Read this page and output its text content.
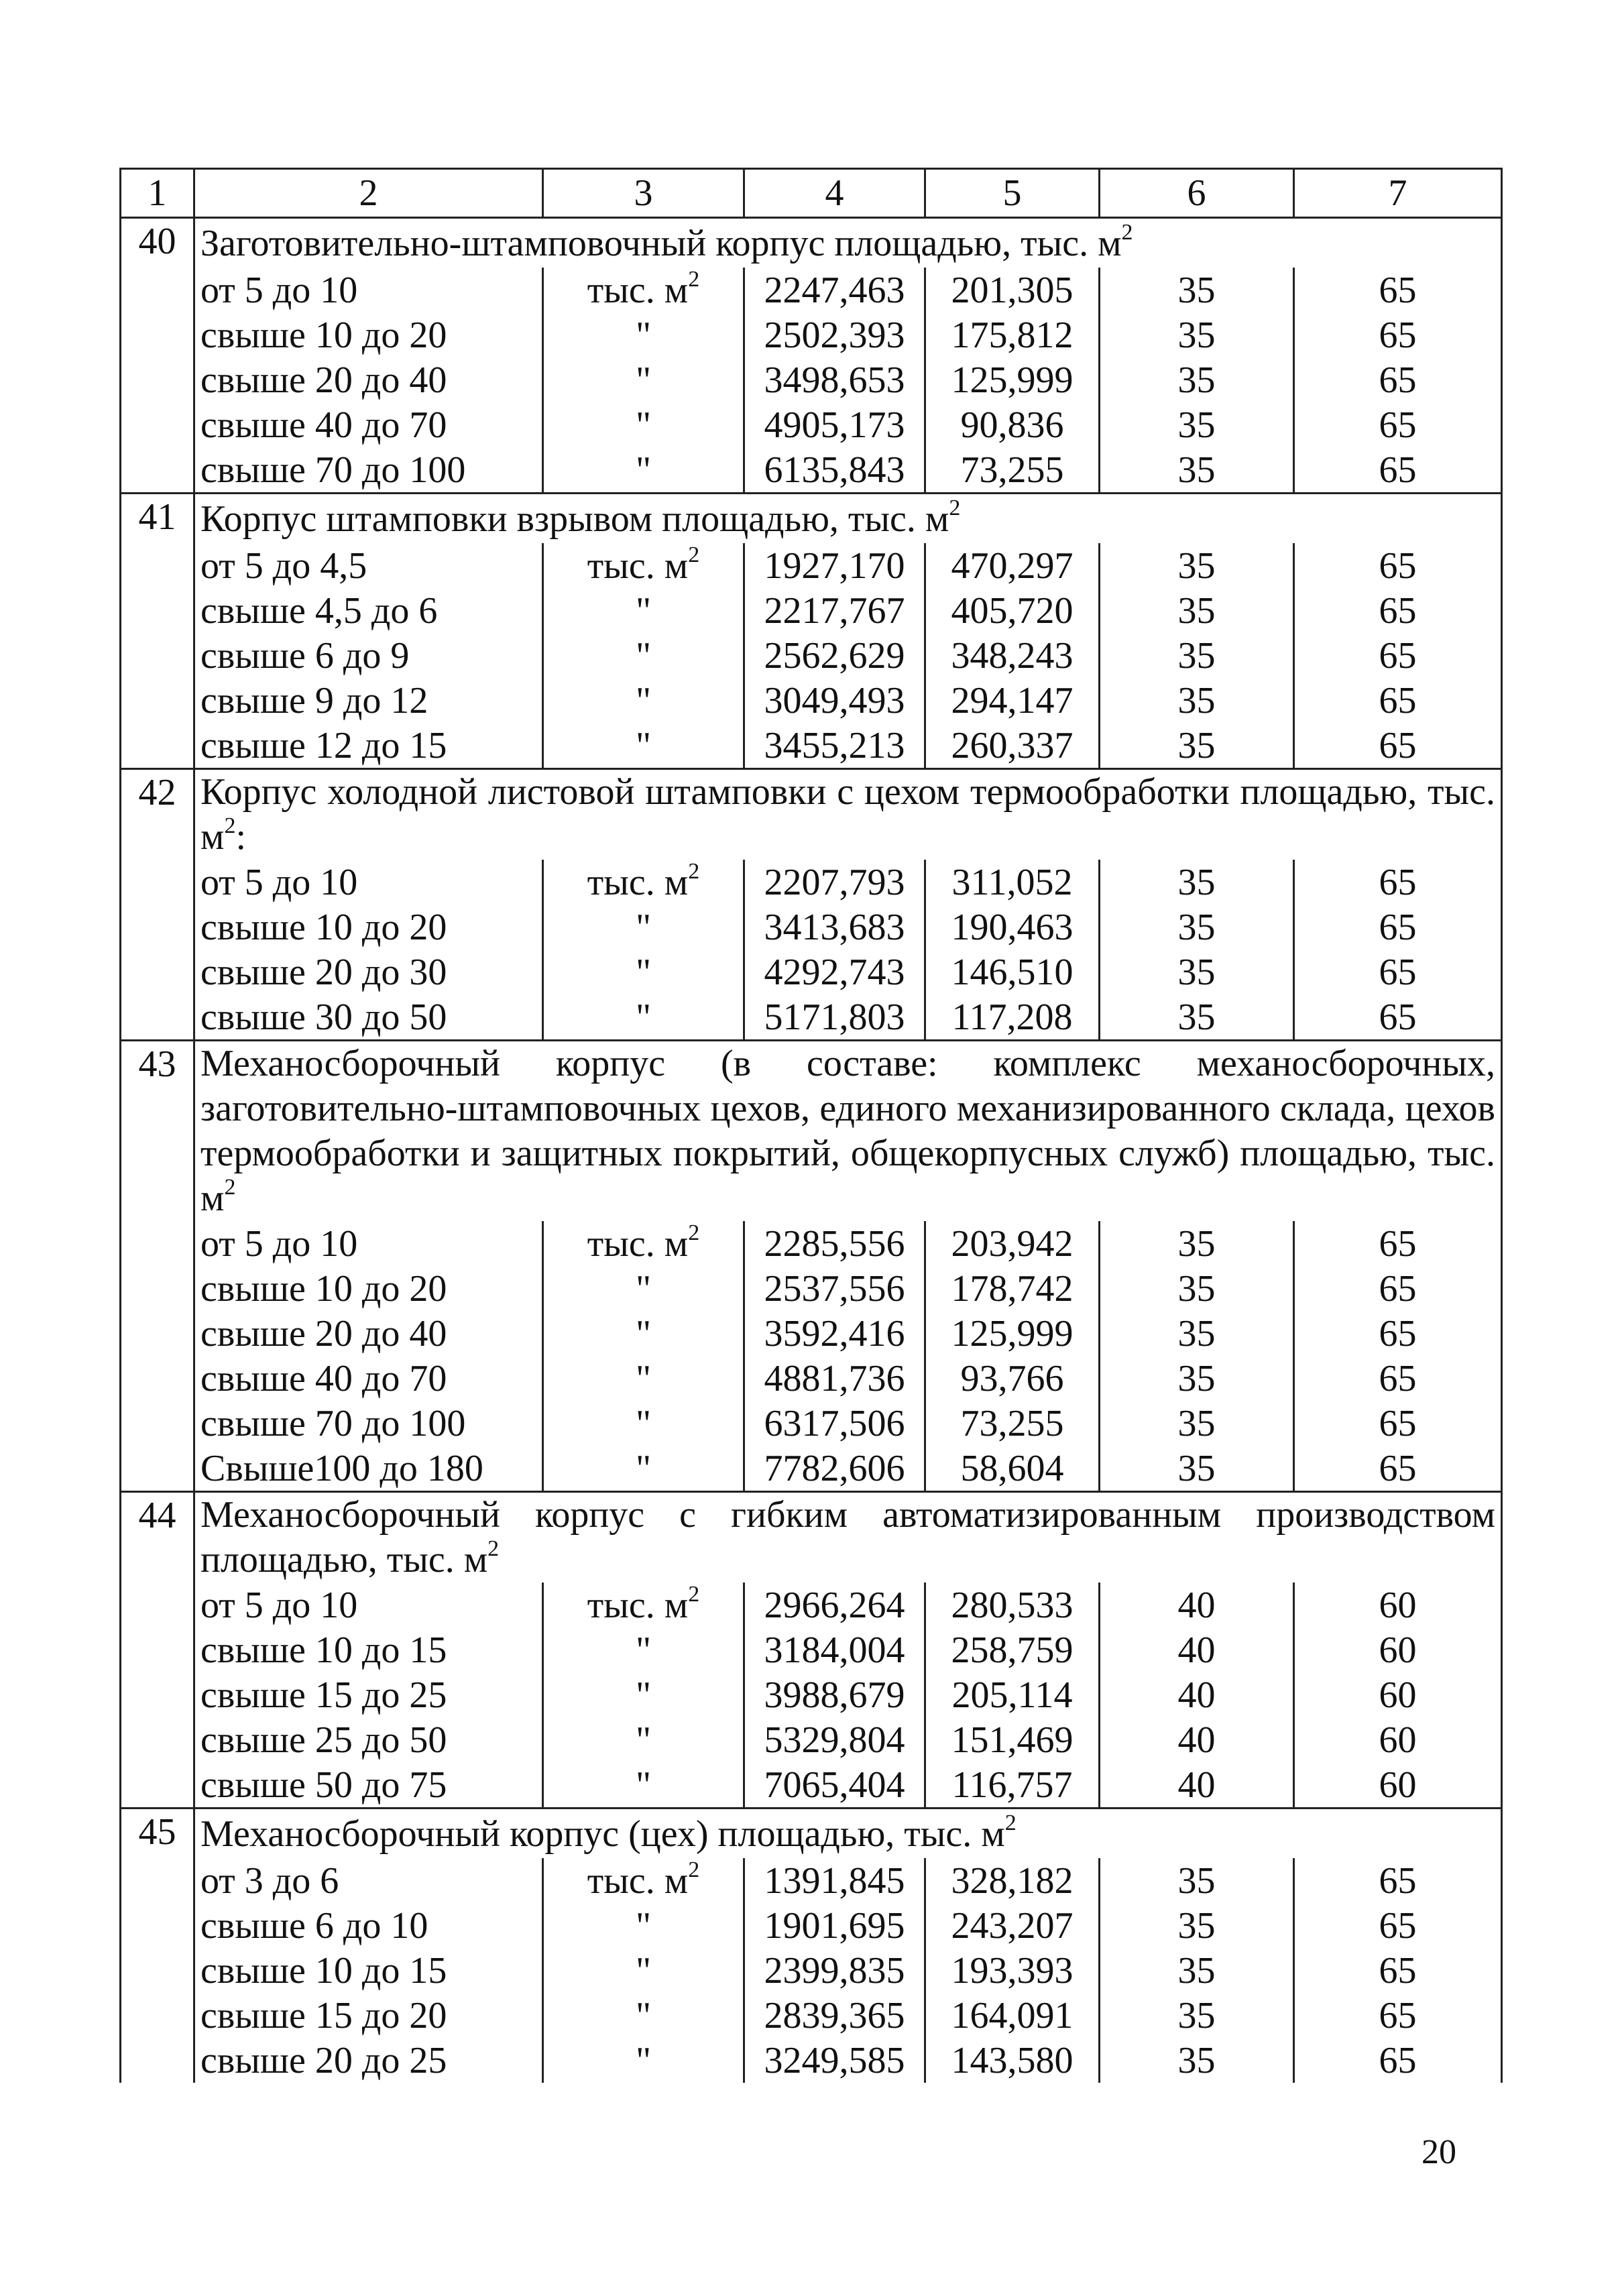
1	2	3	4	5	6	7
40	Заготовительно-штамповочный корпус площадью, тыс. $м^2$
	от 5 до 10	тыс. $м^2$	2247,463	201,305	35	65
	свыше 10 до 20	"	2502,393	175,812	35	65
	свыше 20 до 40	"	3498,653	125,999	35	65
	свыше 40 до 70	"	4905,173	90,836	35	65
	свыше 70 до 100	"	6135,843	73,255	35	65
41	Корпус штамповки взрывом площадью, тыс. $м^2$
	от 5 до 4,5	тыс. $м^2$	1927,170	470,297	35	65
	свыше 4,5 до 6	"	2217,767	405,720	35	65
	свыше 6 до 9	"	2562,629	348,243	35	65
	свыше 9 до 12	"	3049,493	294,147	35	65
	свыше 12 до 15	"	3455,213	260,337	35	65
42	Корпус холодной листовой штамповки с цехом термообработки площадью, тыс. $м^2$:					
	от 5 до 10	тыс. $м^2$	2207,793	311,052	35	65
	свыше 10 до 20	"	3413,683	190,463	35	65
	свыше 20 до 30	"	4292,743	146,510	35	65
	свыше 30 до 50	"	5171,803	117,208	35	65
43	Механосборочный корпус (в составе: комплекс механосборочных, заготовительно-штамповочных цехов, единого механизированного склада, цехов термообработки и защитных покрытий, общекорпусных служб) площадью, тыс. $м^2$
	от 5 до 10	тыс. $м^2$	2285,556	203,942	35	65
	свыше 10 до 20	"	2537,556	178,742	35	65
	свыше 20 до 40	"	3592,416	125,999	35	65
	свыше 40 до 70	"	4881,736	93,766	35	65
	свыше 70 до 100	"	6317,506	73,255	35	65
	Свыше100 до 180	"	7782,606	58,604	35	65
44	Механосборочный корпус с гибким автоматизированным производством площадью, тыс. $м^2$
	от 5 до 10	тыс. $м^2$	2966,264	280,533	40	60
	свыше 10 до 15	"	3184,004	258,759	40	60
	свыше 15 до 25	"	3988,679	205,114	40	60
	свыше 25 до 50	"	5329,804	151,469	40	60
	свыше 50 до 75	"	7065,404	116,757	40	60
45	Механосборочный корпус (цех) площадью, тыс. $м^2$
	от 3 до 6	тыс. $м^2$	1391,845	328,182	35	65
	свыше 6 до 10	"	1901,695	243,207	35	65
	свыше 10 до 15	"	2399,835	193,393	35	65
	свыше 15 до 20	"	2839,365	164,091	35	65
	свыше 20 до 25	"	3249,585	143,580	35	65
20
